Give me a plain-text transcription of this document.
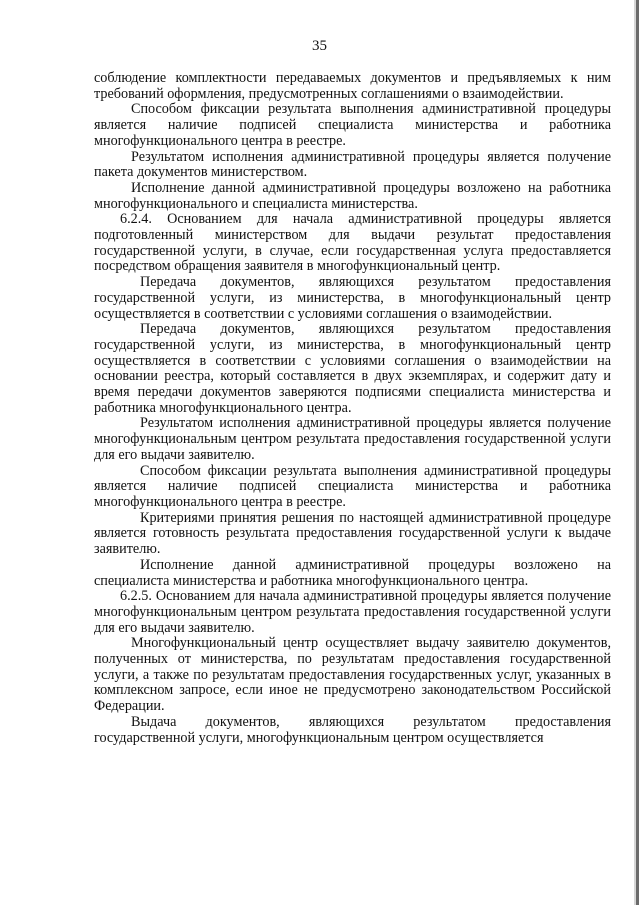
35

соблюдение комплектности передаваемых документов и предъявляемых к ним требований оформления, предусмотренных соглашениями о взаимодействии.

Способом фиксации результата выполнения административной процедуры является наличие подписей специалиста министерства и работника многофункционального центра в реестре.

Результатом исполнения административной процедуры является получение пакета документов министерством.

Исполнение данной административной процедуры возложено на работника многофункционального и специалиста министерства.

6.2.4. Основанием для начала административной процедуры является подготовленный министерством для выдачи результат предоставления государственной услуги, в случае, если государственная услуга предоставляется посредством обращения заявителя в многофункциональный центр.

Передача документов, являющихся результатом предоставления государственной услуги, из министерства, в многофункциональный центр осуществляется в соответствии с условиями соглашения о взаимодействии.

Передача документов, являющихся результатом предоставления государственной услуги, из министерства, в многофункциональный центр осуществляется в соответствии с условиями соглашения о взаимодействии на основании реестра, который составляется в двух экземплярах, и содержит дату и время передачи документов заверяются подписями специалиста министерства и работника многофункционального центра.

Результатом исполнения административной процедуры является получение многофункциональным центром результата предоставления государственной услуги для его выдачи заявителю.

Способом фиксации результата выполнения административной процедуры является наличие подписей специалиста министерства и работника многофункционального центра в реестре.

Критериями принятия решения по настоящей административной процедуре является готовность результата предоставления государственной услуги к выдаче заявителю.

Исполнение данной административной процедуры возложено на специалиста министерства и работника многофункционального центра.

6.2.5. Основанием для начала административной процедуры является получение многофункциональным центром результата предоставления государственной услуги для его выдачи заявителю.

Многофункциональный центр осуществляет выдачу заявителю документов, полученных от министерства, по результатам предоставления государственной услуги, а также по результатам предоставления государственных услуг, указанных в комплексном запросе, если иное не предусмотрено законодательством Российской Федерации.

Выдача документов, являющихся результатом предоставления государственной услуги, многофункциональным центром осуществляется
